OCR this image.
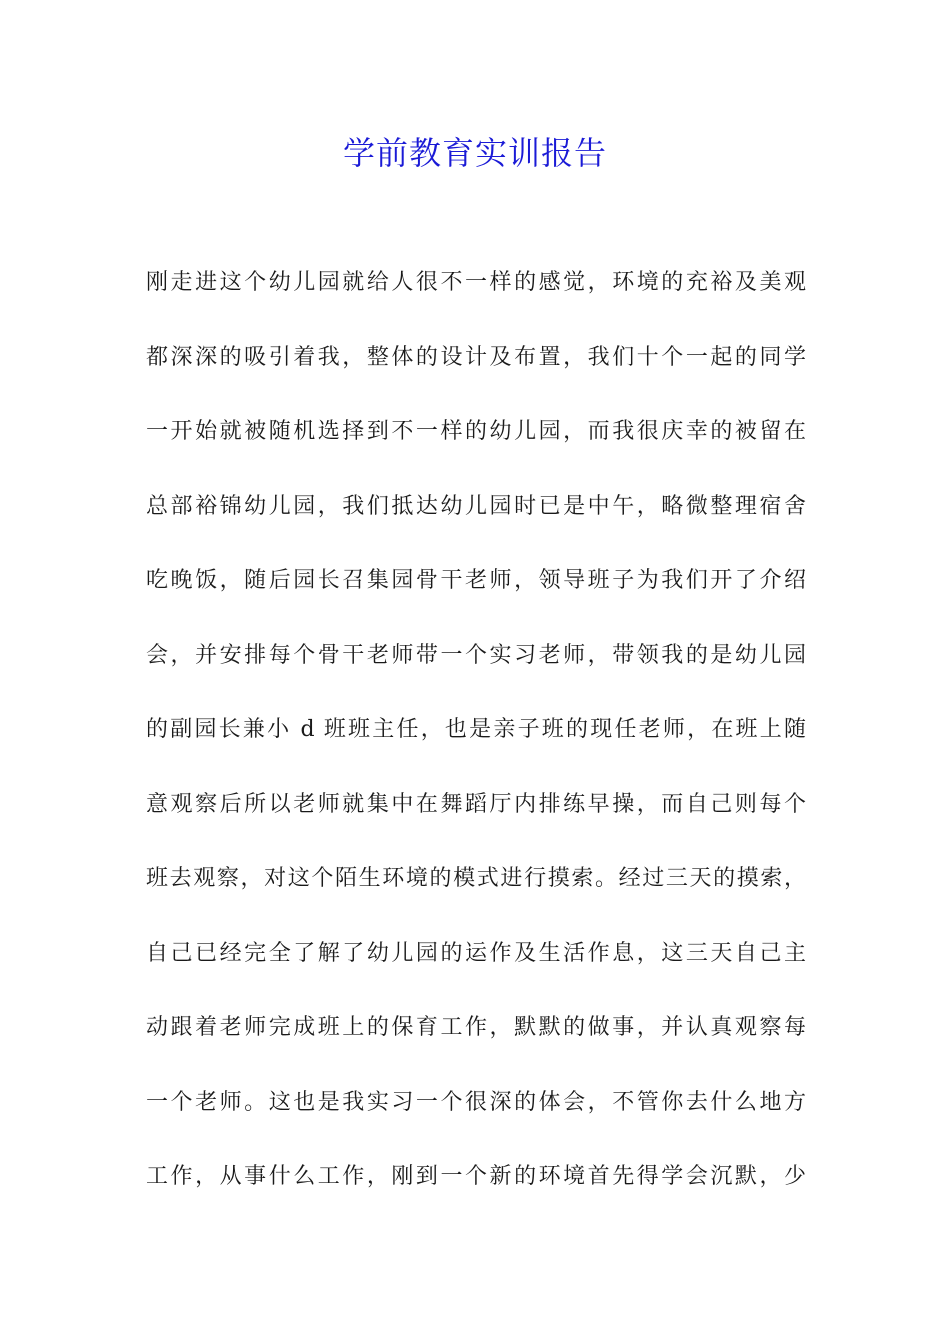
学前教育实训报告
刚走进这个幼儿园就给人很不一样的感觉，环境的充裕及美观
都深深的吸引着我，整体的设计及布置，我们十个一起的同学
一开始就被随机选择到不一样的幼儿园，而我很庆幸的被留在
总部裕锦幼儿园，我们抵达幼儿园时已是中午，略微整理宿舍
吃晚饭，随后园长召集园骨干老师，领导班子为我们开了介绍
会，并安排每个骨干老师带一个实习老师，带领我的是幼儿园
的副园长兼小 d 班班主任，也是亲子班的现任老师，在班上随
意观察后所以老师就集中在舞蹈厅内排练早操，而自己则每个
班去观察，对这个陌生环境的模式进行摸索。经过三天的摸索，
自己已经完全了解了幼儿园的运作及生活作息，这三天自己主
动跟着老师完成班上的保育工作，默默的做事，并认真观察每
一个老师。这也是我实习一个很深的体会，不管你去什么地方
工作，从事什么工作，刚到一个新的环境首先得学会沉默，少
